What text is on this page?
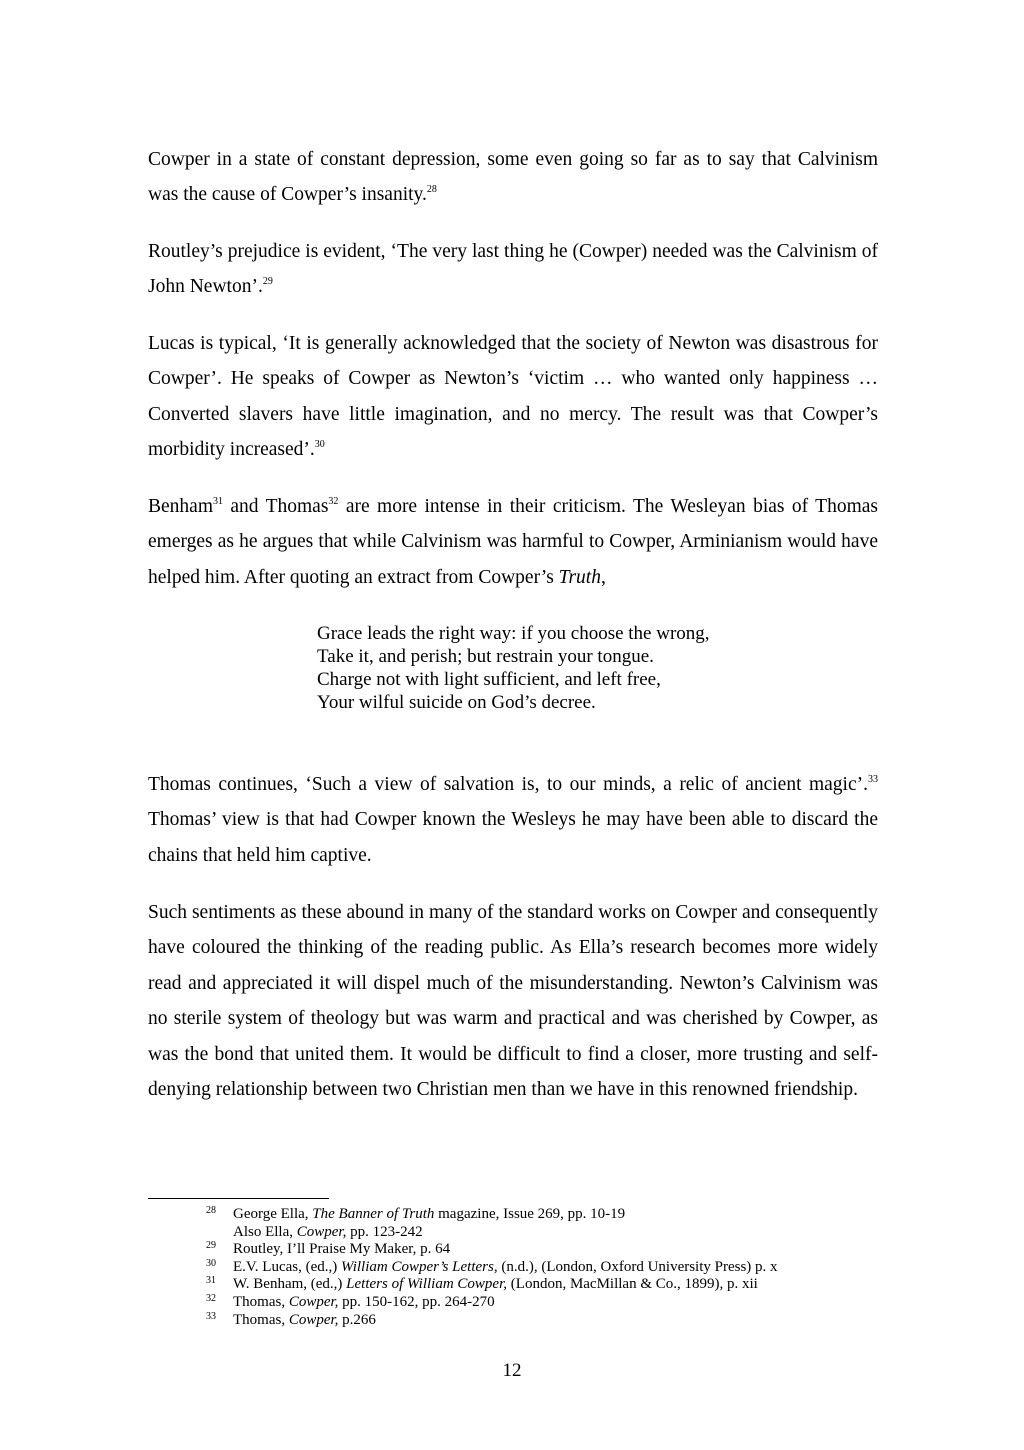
Cowper in a state of constant depression, some even going so far as to say that Calvinism was the cause of Cowper’s insanity.$^{28}$

Routley’s prejudice is evident, ‘The very last thing he (Cowper) needed was the Calvinism of John Newton’.$^{29}$

Lucas is typical, ‘It is generally acknowledged that the society of Newton was disastrous for Cowper’. He speaks of Cowper as Newton’s ‘victim … who wanted only happiness … Converted slavers have little imagination, and no mercy. The result was that Cowper’s morbidity increased’.$^{30}$

Benham$^{31}$ and Thomas$^{32}$ are more intense in their criticism. The Wesleyan bias of Thomas emerges as he argues that while Calvinism was harmful to Cowper, Arminianism would have helped him. After quoting an extract from Cowper’s Truth,

Grace leads the right way: if you choose the wrong,
Take it, and perish; but restrain your tongue.
Charge not with light sufficient, and left free,
Your wilful suicide on God’s decree.

Thomas continues, ‘Such a view of salvation is, to our minds, a relic of ancient magic’.$^{33}$ Thomas’ view is that had Cowper known the Wesleys he may have been able to discard the chains that held him captive.

Such sentiments as these abound in many of the standard works on Cowper and consequently have coloured the thinking of the reading public. As Ella’s research becomes more widely read and appreciated it will dispel much of the misunderstanding. Newton’s Calvinism was no sterile system of theology but was warm and practical and was cherished by Cowper, as was the bond that united them. It would be difficult to find a closer, more trusting and self-denying relationship between two Christian men than we have in this renowned friendship.

28 George Ella, The Banner of Truth magazine, Issue 269, pp. 10-19
Also Ella, Cowper, pp. 123-242
29 Routley, I’ll Praise My Maker, p. 64
30 E.V. Lucas, (ed.,) William Cowper’s Letters, (n.d.), (London, Oxford University Press) p. x
31 W. Benham, (ed.,) Letters of William Cowper, (London, MacMillan & Co., 1899), p. xii
32 Thomas, Cowper, pp. 150-162, pp. 264-270
33 Thomas, Cowper, p.266
12
